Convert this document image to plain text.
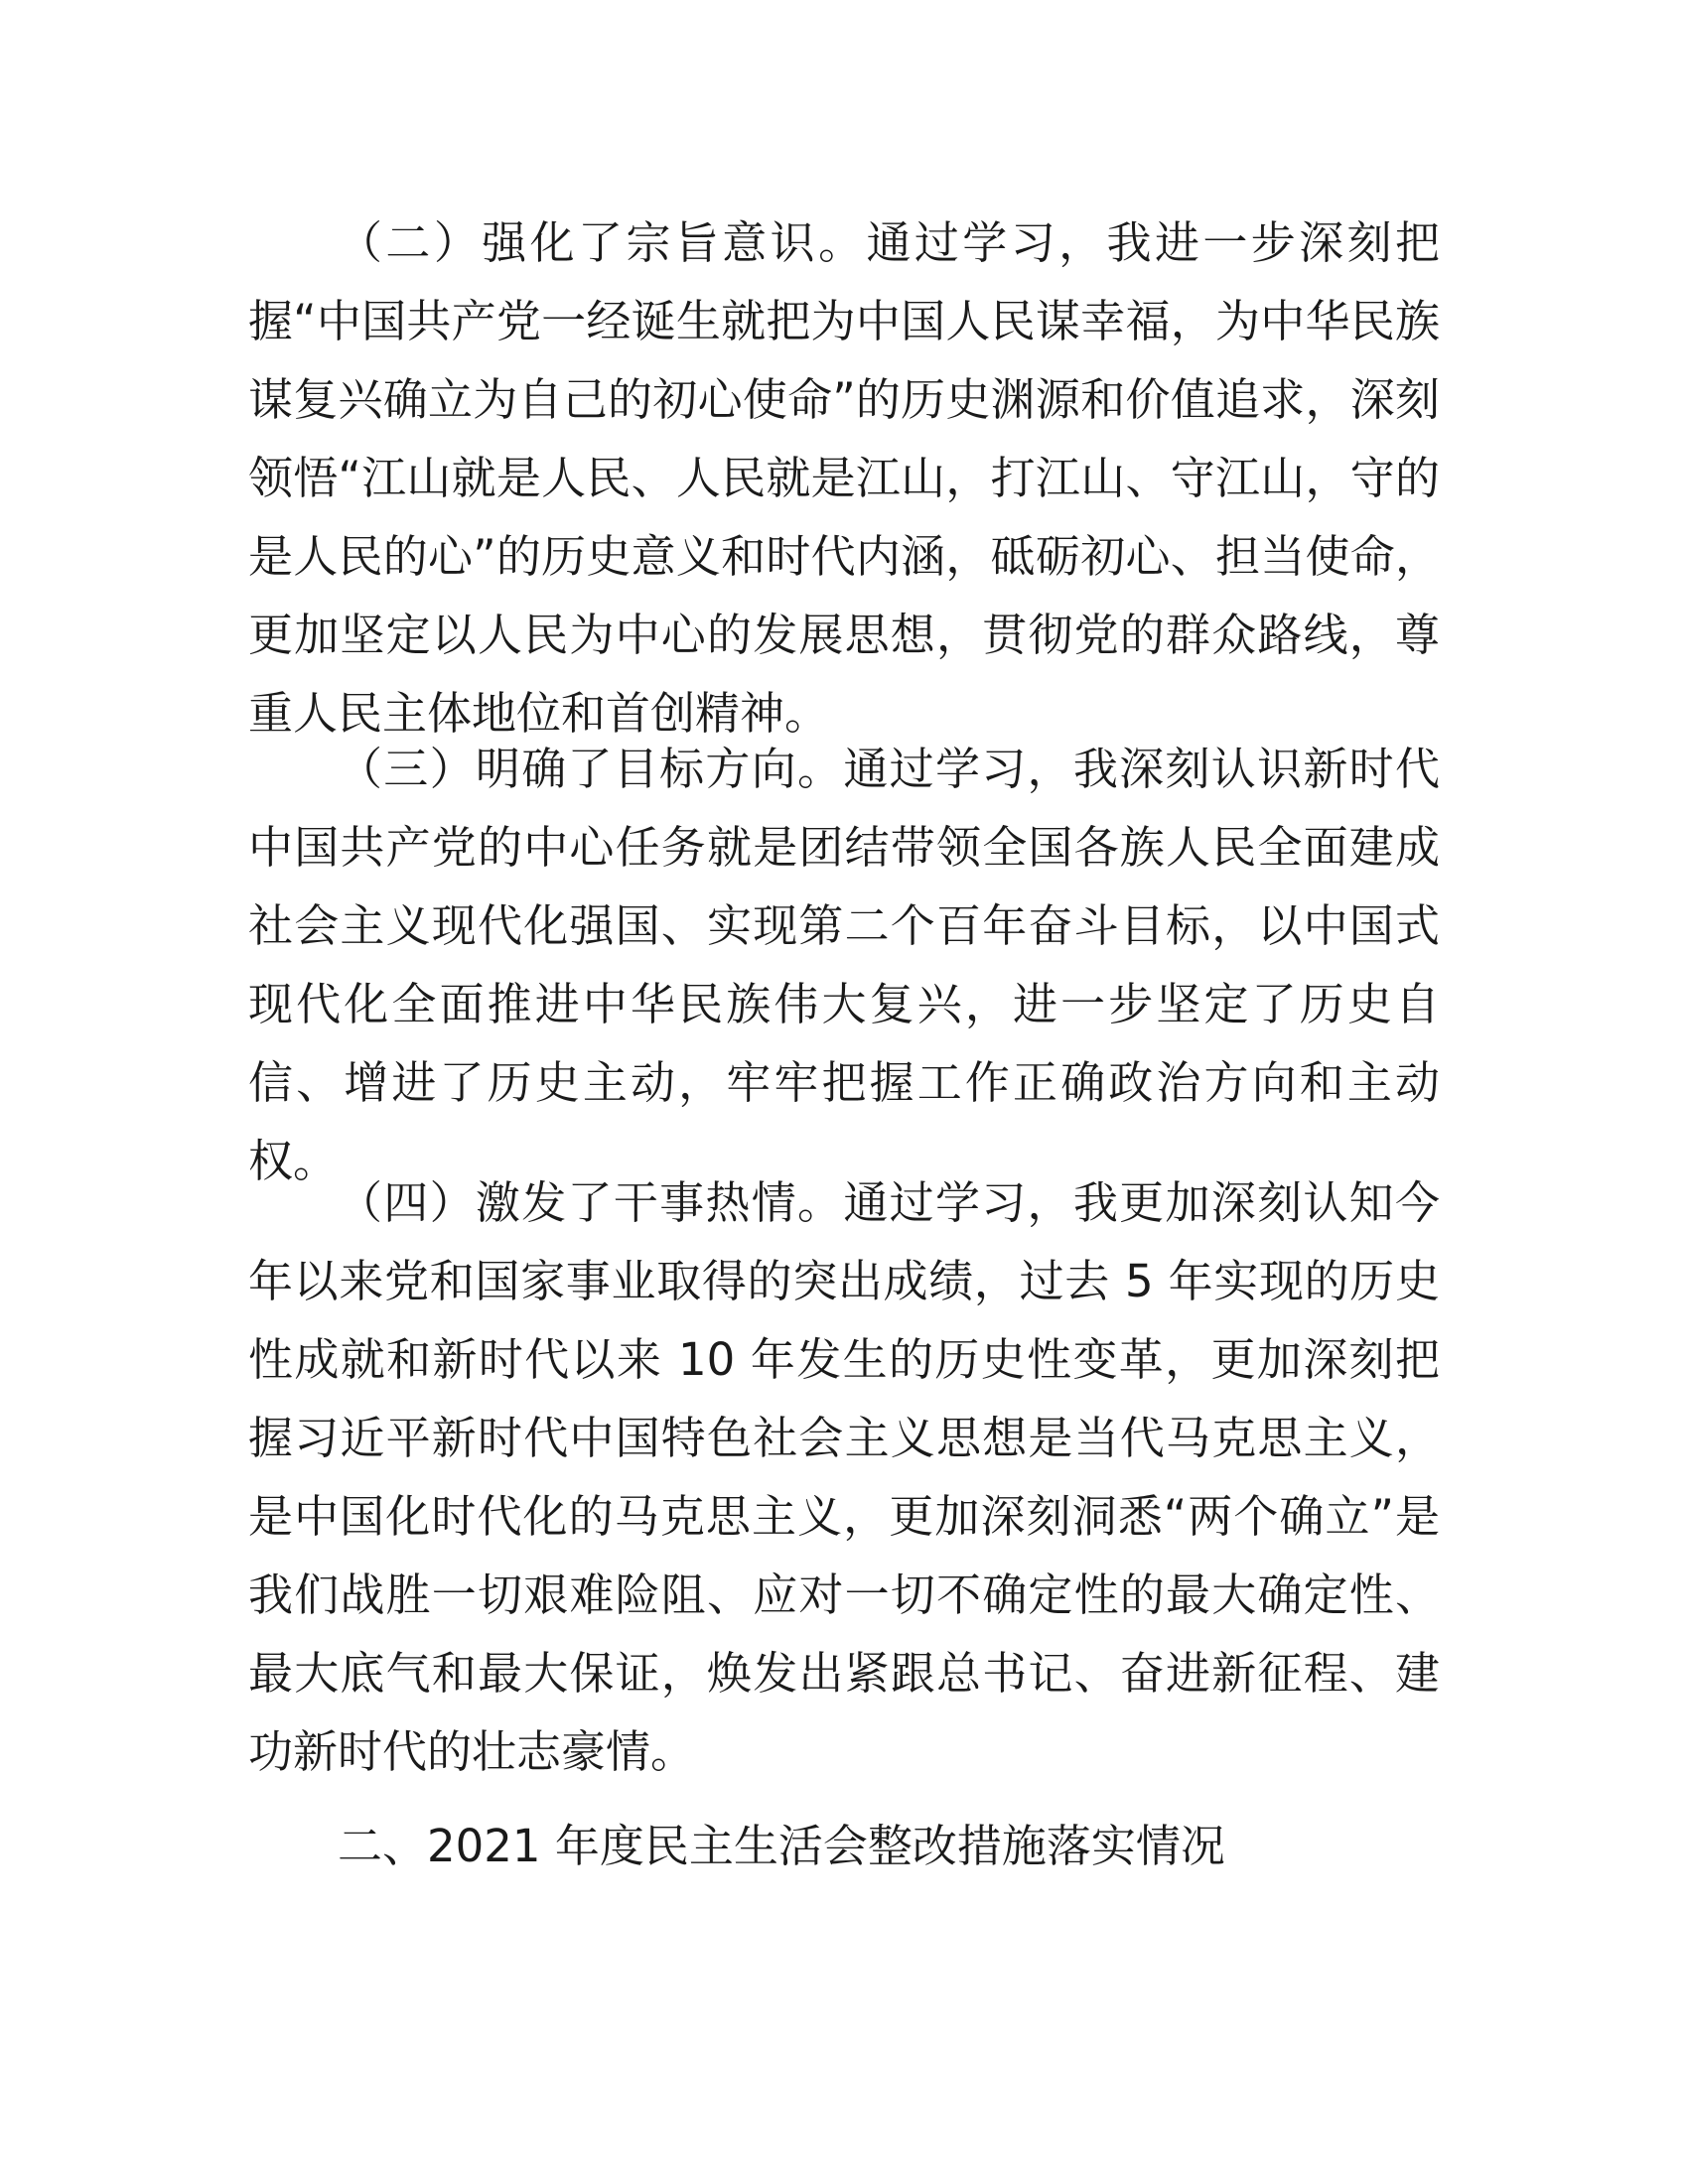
（二）强化了宗旨意识。通过学习，我进一步深刻把握“中国共产党一经诞生就把为中国人民谋幸福，为中华民族谋复兴确立为自己的初心使命”的历史渊源和价值追求，深刻领悟“江山就是人民、人民就是江山，打江山、守江山，守的是人民的心”的历史意义和时代内涵，砥砺初心、担当使命，更加坚定以人民为中心的发展思想，贯彻党的群众路线，尊重人民主体地位和首创精神。

（三）明确了目标方向。通过学习，我深刻认识新时代中国共产党的中心任务就是团结带领全国各族人民全面建成社会主义现代化强国、实现第二个百年奋斗目标，以中国式现代化全面推进中华民族伟大复兴，进一步坚定了历史自信、增进了历史主动，牢牢把握工作正确政治方向和主动权。

（四）激发了干事热情。通过学习，我更加深刻认知今年以来党和国家事业取得的突出成绩，过去 5 年实现的历史性成就和新时代以来 10 年发生的历史性变革，更加深刻把握习近平新时代中国特色社会主义思想是当代马克思主义，是中国化时代化的马克思主义，更加深刻洞悉“两个确立”是我们战胜一切艰难险阻、应对一切不确定性的最大确定性、最大底气和最大保证，焕发出紧跟总书记、奋进新征程、建功新时代的壮志豪情。

二、2021 年度民主生活会整改措施落实情况
